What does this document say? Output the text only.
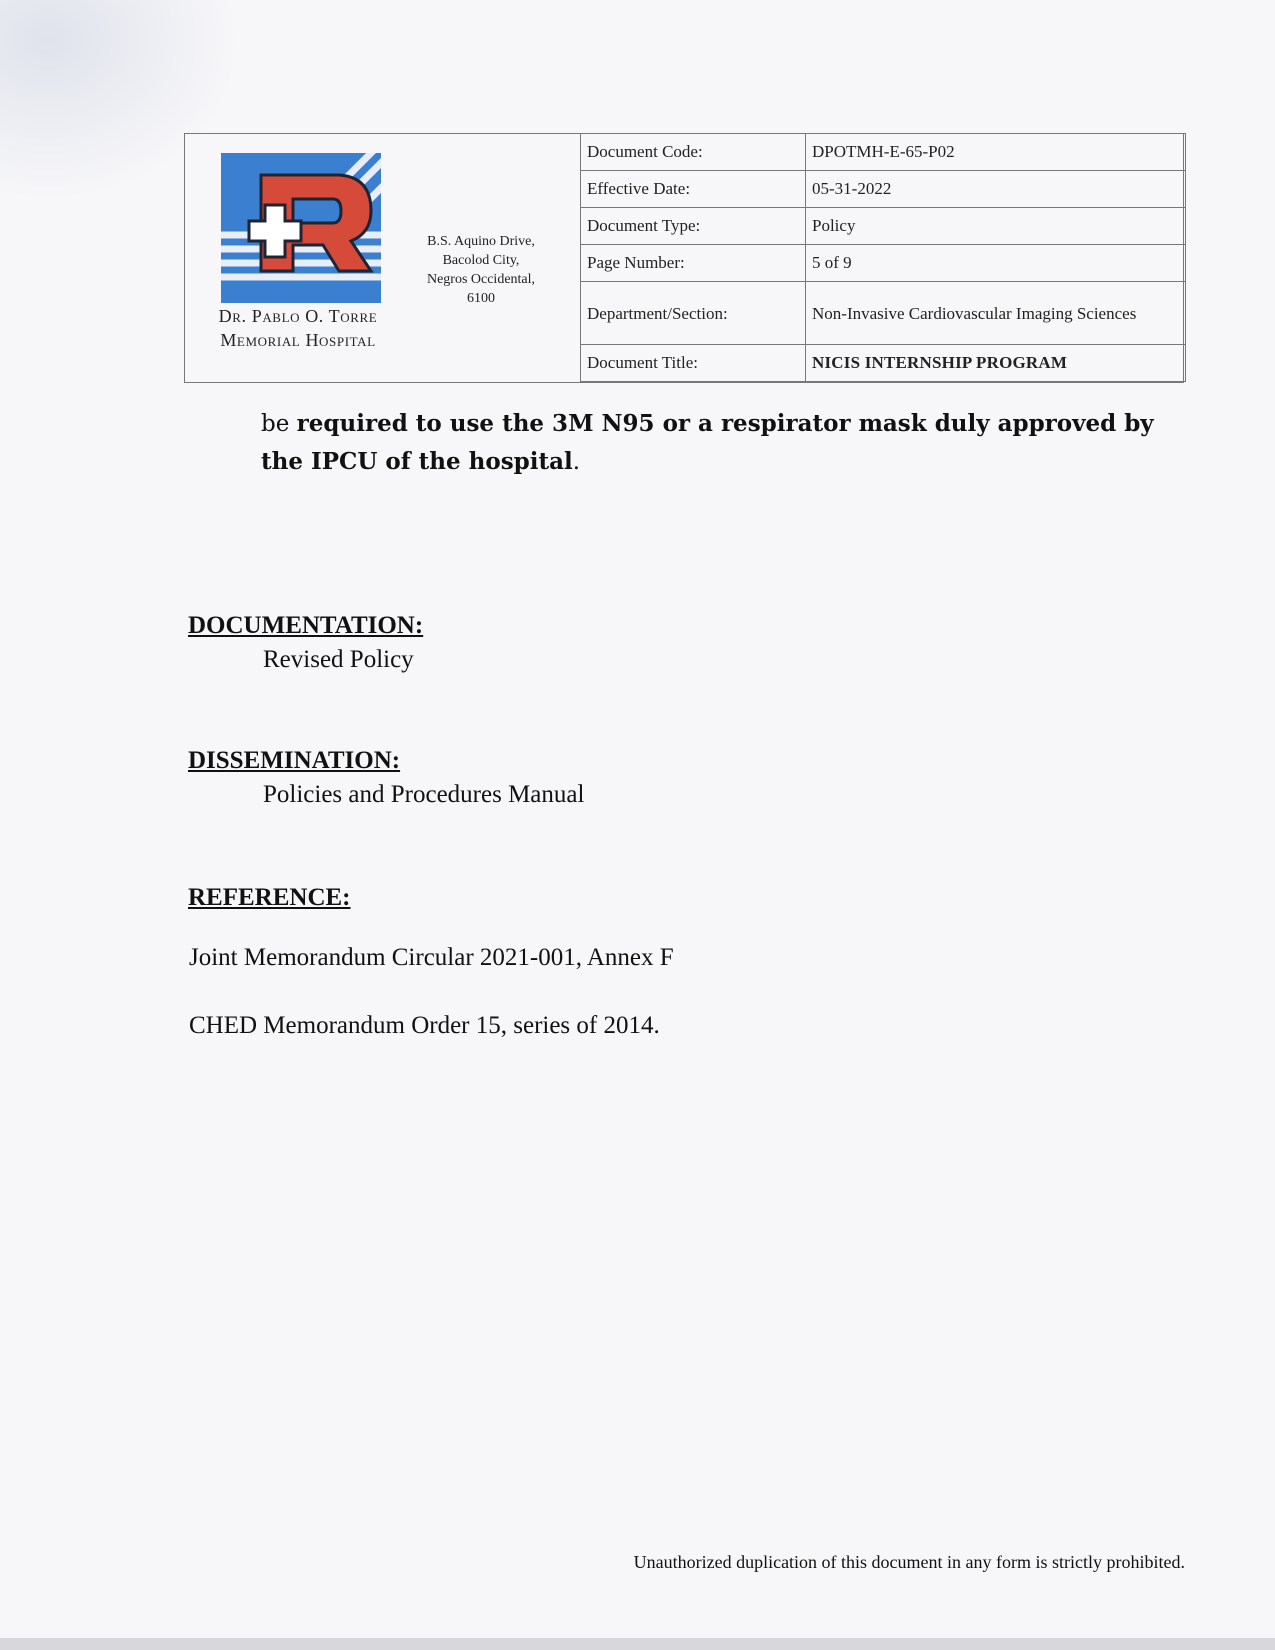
Dr. Pablo O. Torre
Memorial Hospital
B.S. Aquino Drive,
Bacolod City,
Negros Occidental,
6100
Document Code:	DPOTMH-E-65-P02
Effective Date:	05-31-2022
Document Type:	Policy
Page Number:	5 of 9
Department/Section:	Non-Invasive Cardiovascular Imaging Sciences
Document Title:	NICIS INTERNSHIP PROGRAM
be required to use the 3M N95 or a respirator mask duly approved by the IPCU of the hospital.
DOCUMENTATION:
Revised Policy
DISSEMINATION:
Policies and Procedures Manual
REFERENCE:
Joint Memorandum Circular 2021-001, Annex F
CHED Memorandum Order 15, series of 2014.
Unauthorized duplication of this document in any form is strictly prohibited.
